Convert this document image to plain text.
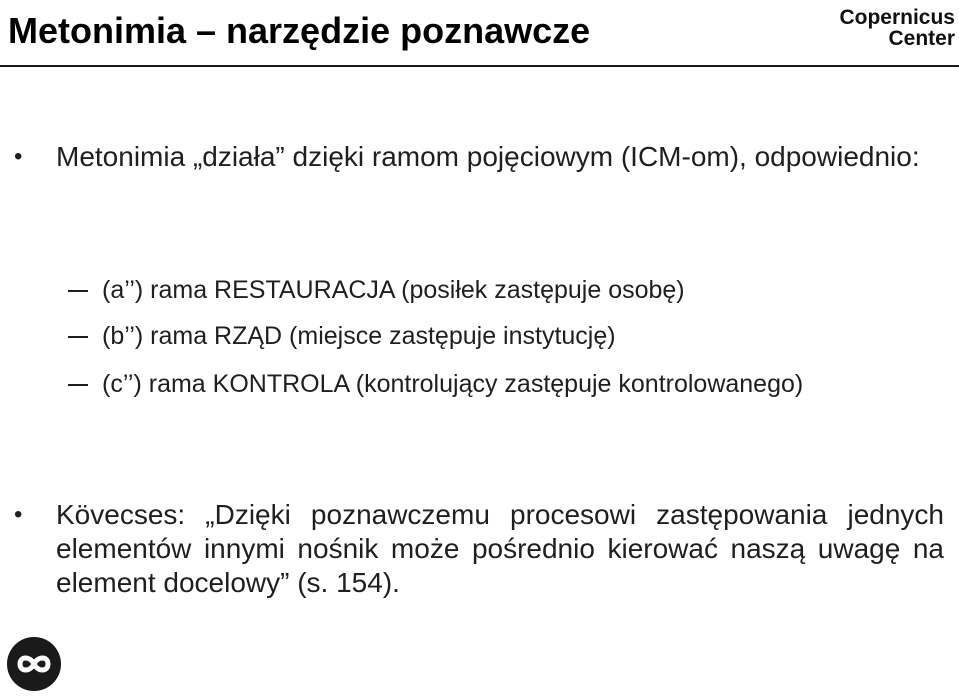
Metonimia – narzędzie poznawcze	Copernicus
Center
• Metonimia „działa” dzięki ramom pojęciowym (ICM-om), odpowiednio:
(a’’) rama RESTAURACJA (posiłek zastępuje osobę)
(b’’) rama RZĄD (miejsce zastępuje instytucję)
(c’’) rama KONTROLA (kontrolujący zastępuje kontrolowanego)
• Kövecses: „Dzięki poznawczemu procesowi zastępowania jednych elementów innymi nośnik może pośrednio kierować naszą uwagę na element docelowy” (s. 154).
